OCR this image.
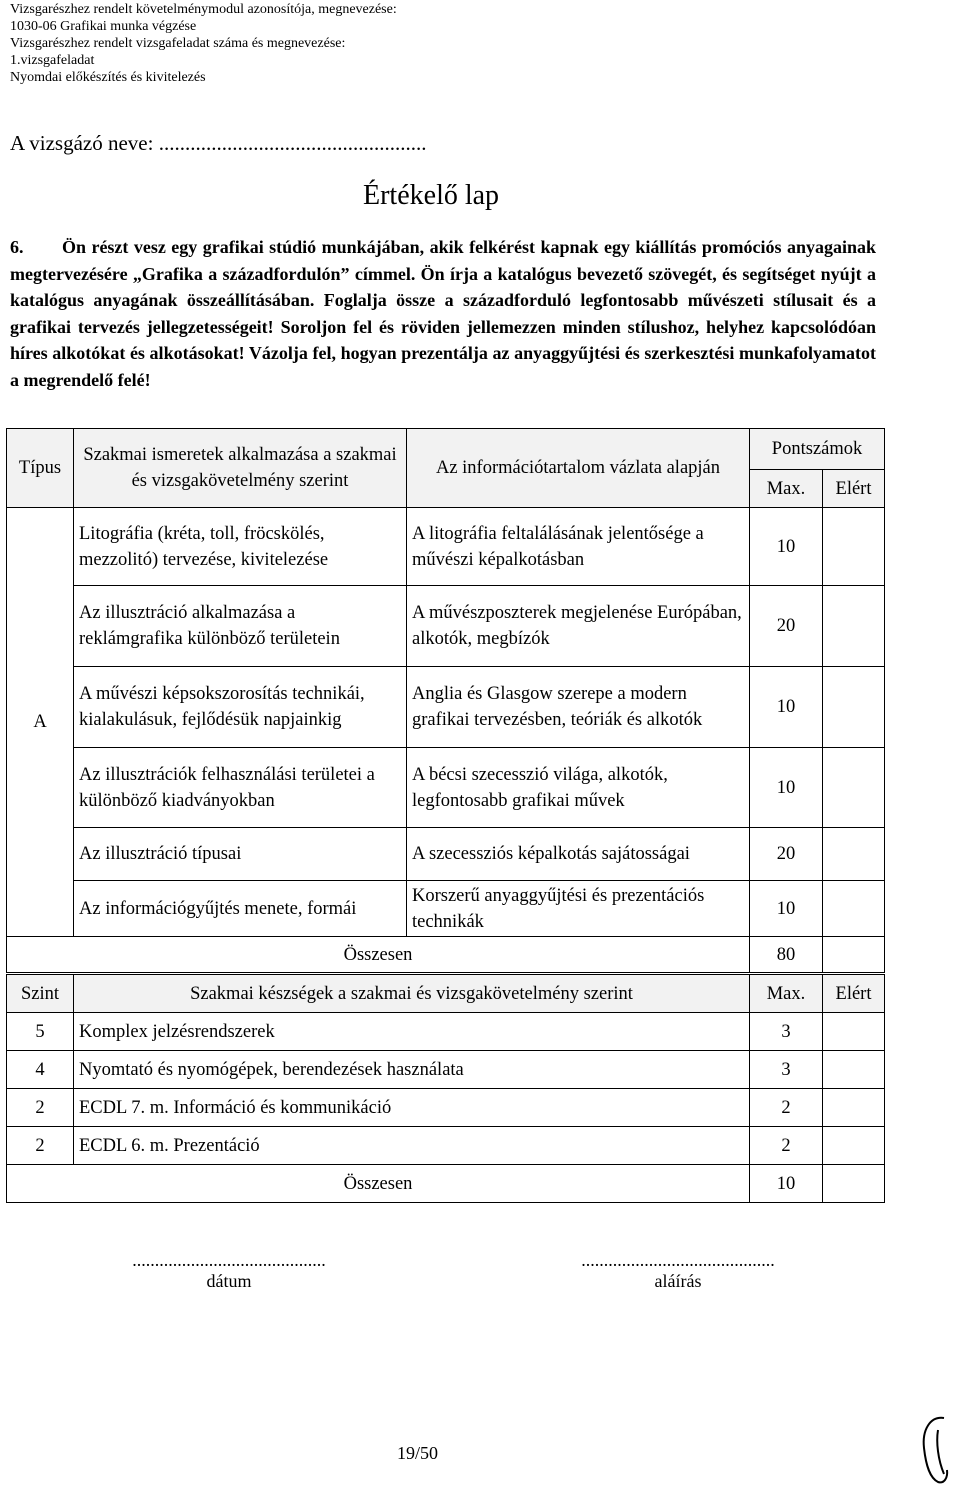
Vizsgarészhez rendelt követelménymodul azonosítója, megnevezése:
1030-06 Grafikai munka végzése
Vizsgarészhez rendelt vizsgafeladat száma és megnevezése:
1.vizsgafeladat
Nyomdai előkészítés és kivitelezés
A vizsgázó neve: ...................................................
Értékelő lap

6. Ön részt vesz egy grafikai stúdió munkájában, akik felkérést kapnak egy kiállítás promóciós anyagainak megtervezésére „Grafika a századfordulón” címmel. Ön írja a katalógus bevezető szövegét, és segítséget nyújt a katalógus anyagának összeállításában. Foglalja össze a századforduló legfontosabb művészeti stílusait és a grafikai tervezés jellegzetességeit! Soroljon fel és röviden jellemezzen minden stílushoz, helyhez kapcsolódóan híres alkotókat és alkotásokat! Vázolja fel, hogyan prezentálja az anyaggyűjtési és szerkesztési munkafolyamatot a megrendelő felé!

Típus	Szakmai ismeretek alkalmazása a szakmai és vizsgakövetelmény szerint	Az információtartalom vázlata alapján	Pontszámok	
			Max.	Elért
A	Litográfia (kréta, toll, fröcskölés, mezzolitó) tervezése, kivitelezése	A litográfia feltalálásának jelentősége a művészi képalkotásban	10	
	Az illusztráció alkalmazása a reklámgrafika különböző területein	A művészposzterek megjelenése Európában, alkotók, megbízók	20	
	A művészi képsokszorosítás technikái, kialakulásuk, fejlődésük napjainkig	Anglia és Glasgow szerepe a modern grafikai tervezésben, teóriák és alkotók	10	
	Az illusztrációk felhasználási területei a különböző kiadványokban	A bécsi szecesszió világa, alkotók, legfontosabb grafikai művek	10	
	Az illusztráció típusai	A szecessziós képalkotás sajátosságai	20	
	Az információgyűjtés menete, formái	Korszerű anyaggyűjtési és prezentációs technikák	10	
Összesen			80	
Szint	Szakmai készségek a szakmai és vizsgakövetelmény szerint	Max.	Elért
5	Komplex jelzésrendszerek	3	
4	Nyomtató és nyomógépek, berendezések használata	3	
2	ECDL 7. m. Információ és kommunikáció	2	
2	ECDL 6. m. Prezentáció	2	
Összesen		10	
...........................................
dátum
...........................................
aláírás
19/50
